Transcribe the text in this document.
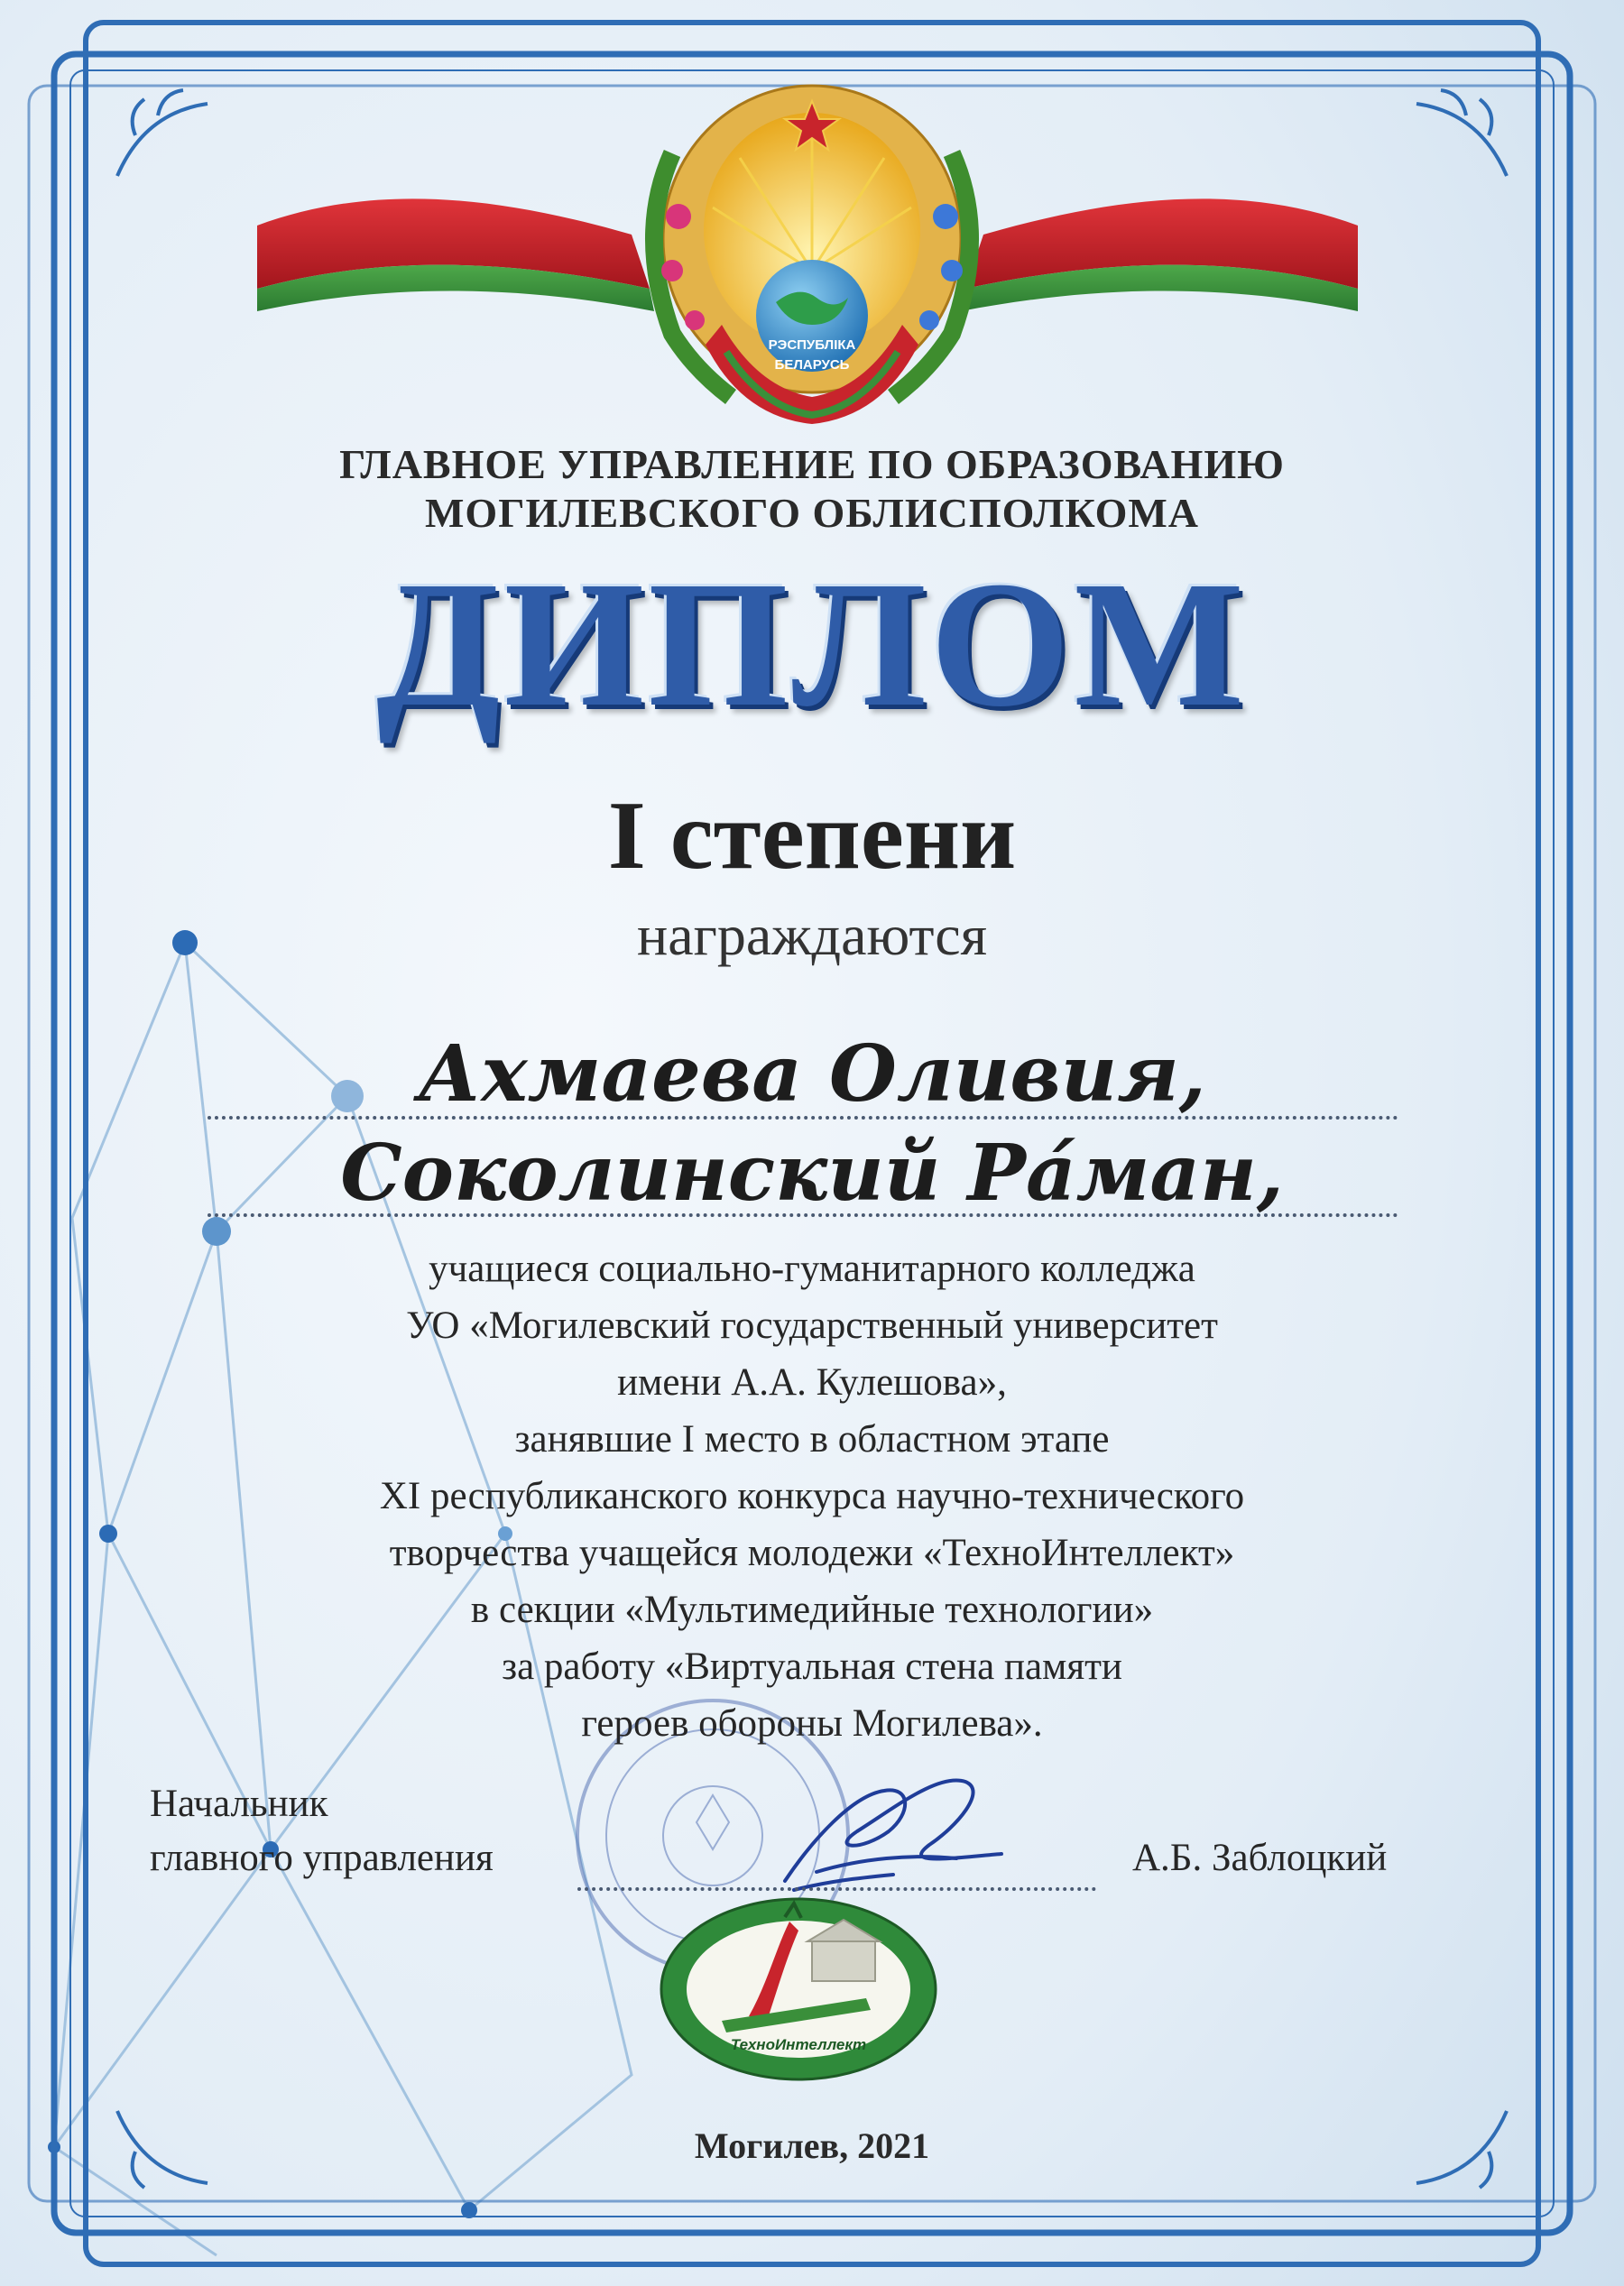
РЭСПУБЛІКА
БЕЛАРУСЬ
ГЛАВНОЕ УПРАВЛЕНИЕ ПО ОБРАЗОВАНИЮ
МОГИЛЕВСКОГО ОБЛИСПОЛКОМА
ДИПЛОМ
I степени
награждаются
Ахмаева Оливия,
Соколинский Ра́ман,
учащиеся социально-гуманитарного колледжа
УО «Могилевский государственный университет
имени А.А. Кулешова»,
занявшие I место в областном этапе
XI республиканского конкурса научно-технического
творчества учащейся молодежи «ТехноИнтеллект»
в секции «Мультимедийные технологии»
за работу «Виртуальная стена памяти
героев обороны Могилева».
Начальник
главного управления	А.Б. Заблоцкий
ТехноИнтеллект
Могилев, 2021
